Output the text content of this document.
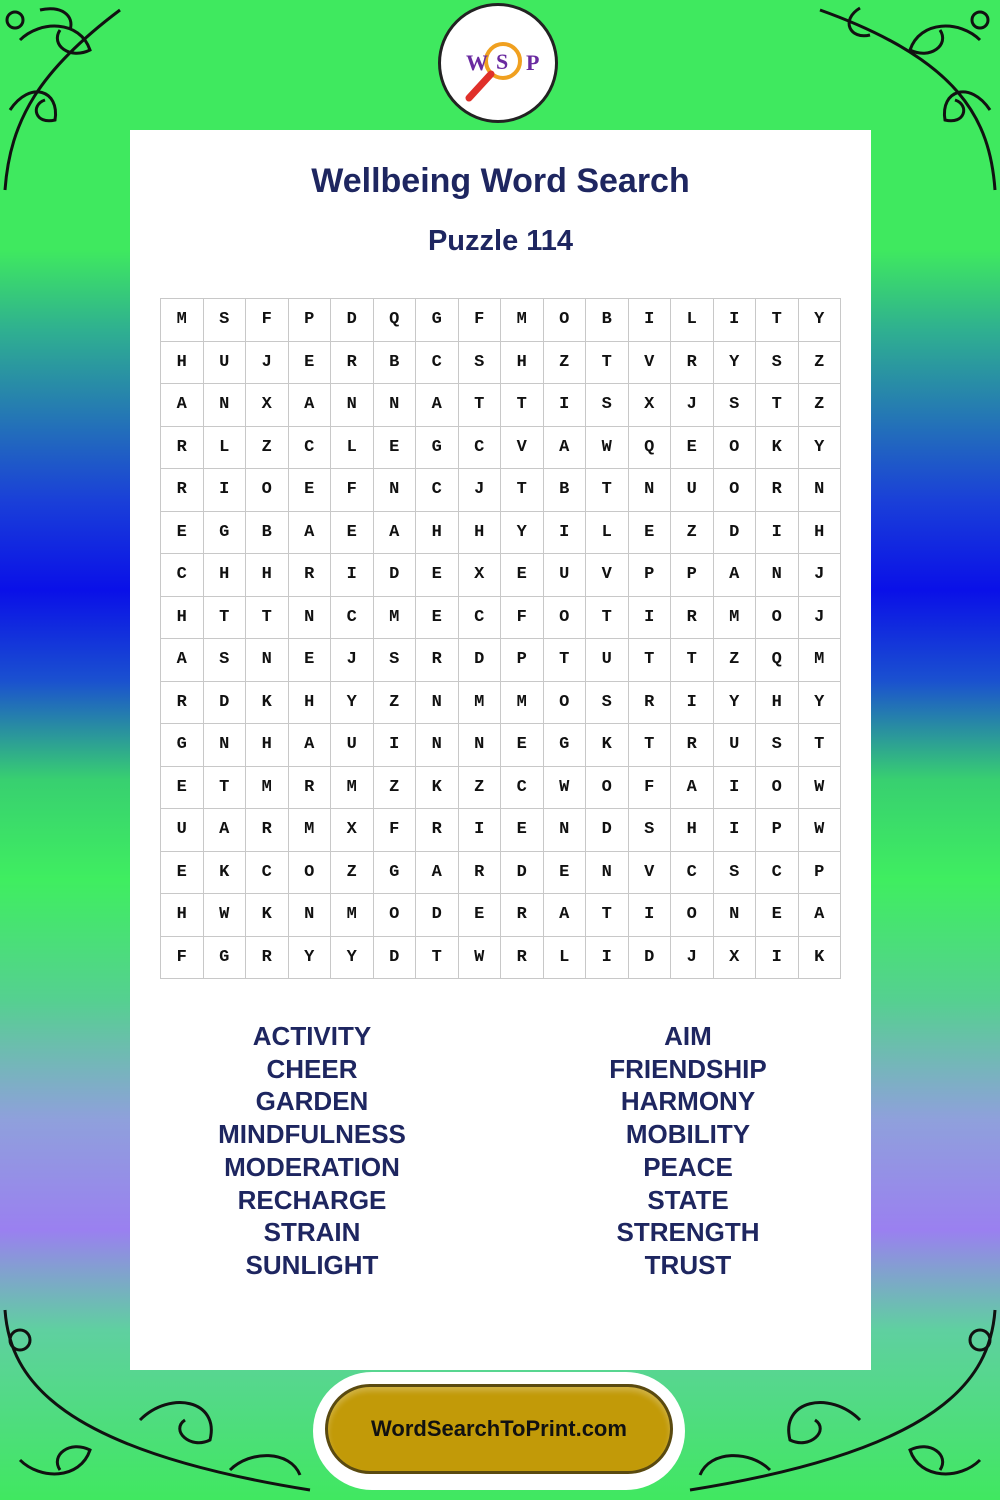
W S P
M	S	F	P	D	Q	G	F	M	O	B	I	L	I	T	Y
H	U	J	E	R	B	C	S	H	Z	T	V	R	Y	S	Z
A	N	X	A	N	N	A	T	T	I	S	X	J	S	T	Z
R	L	Z	C	L	E	G	C	V	A	W	Q	E	O	K	Y
R	I	O	E	F	N	C	J	T	B	T	N	U	O	R	N
E	G	B	A	E	A	H	H	Y	I	L	E	Z	D	I	H
C	H	H	R	I	D	E	X	E	U	V	P	P	A	N	J
H	T	T	N	C	M	E	C	F	O	T	I	R	M	O	J
A	S	N	E	J	S	R	D	P	T	U	T	T	Z	Q	M
R	D	K	H	Y	Z	N	M	M	O	S	R	I	Y	H	Y
G	N	H	A	U	I	N	N	E	G	K	T	R	U	S	T
E	T	M	R	M	Z	K	Z	C	W	O	F	A	I	O	W
U	A	R	M	X	F	R	I	E	N	D	S	H	I	P	W
E	K	C	O	Z	G	A	R	D	E	N	V	C	S	C	P
H	W	K	N	M	O	D	E	R	A	T	I	O	N	E	A
F	G	R	Y	Y	D	T	W	R	L	I	D	J	X	I	K
ACTIVITY
CHEER
GARDEN
MINDFULNESS
MODERATION
RECHARGE
STRAIN
SUNLIGHT
AIM
FRIENDSHIP
HARMONY
MOBILITY
PEACE
STATE
STRENGTH
TRUST
Wellbeing Word Search
Puzzle 114
WordSearchToPrint.com
